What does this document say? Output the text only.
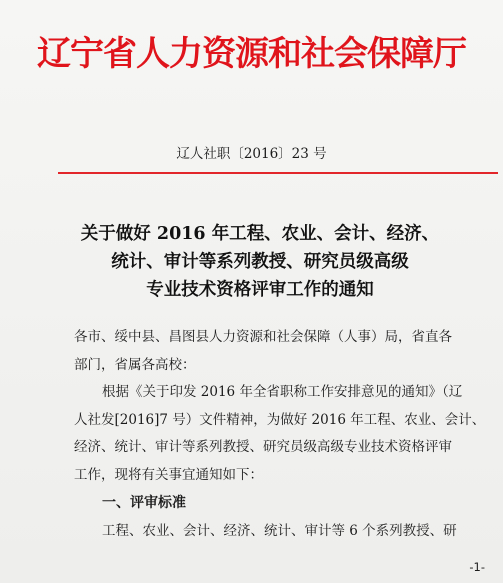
辽宁省人力资源和社会保障厅
辽人社职〔2016〕23 号
关于做好 2016 年工程、农业、会计、经济、
统计、审计等系列教授、研究员级高级
专业技术资格评审工作的通知
各市、绥中县、昌图县人力资源和社会保障（人事）局，省直各
部门，省属各高校：
根据《关于印发 2016 年全省职称工作安排意见的通知》（辽
人社发[2016]7 号）文件精神，为做好 2016 年工程、农业、会计、
经济、统计、审计等系列教授、研究员级高级专业技术资格评审
工作，现将有关事宜通知如下：
一、评审标准
工程、农业、会计、经济、统计、审计等 6 个系列教授、研
-1-
